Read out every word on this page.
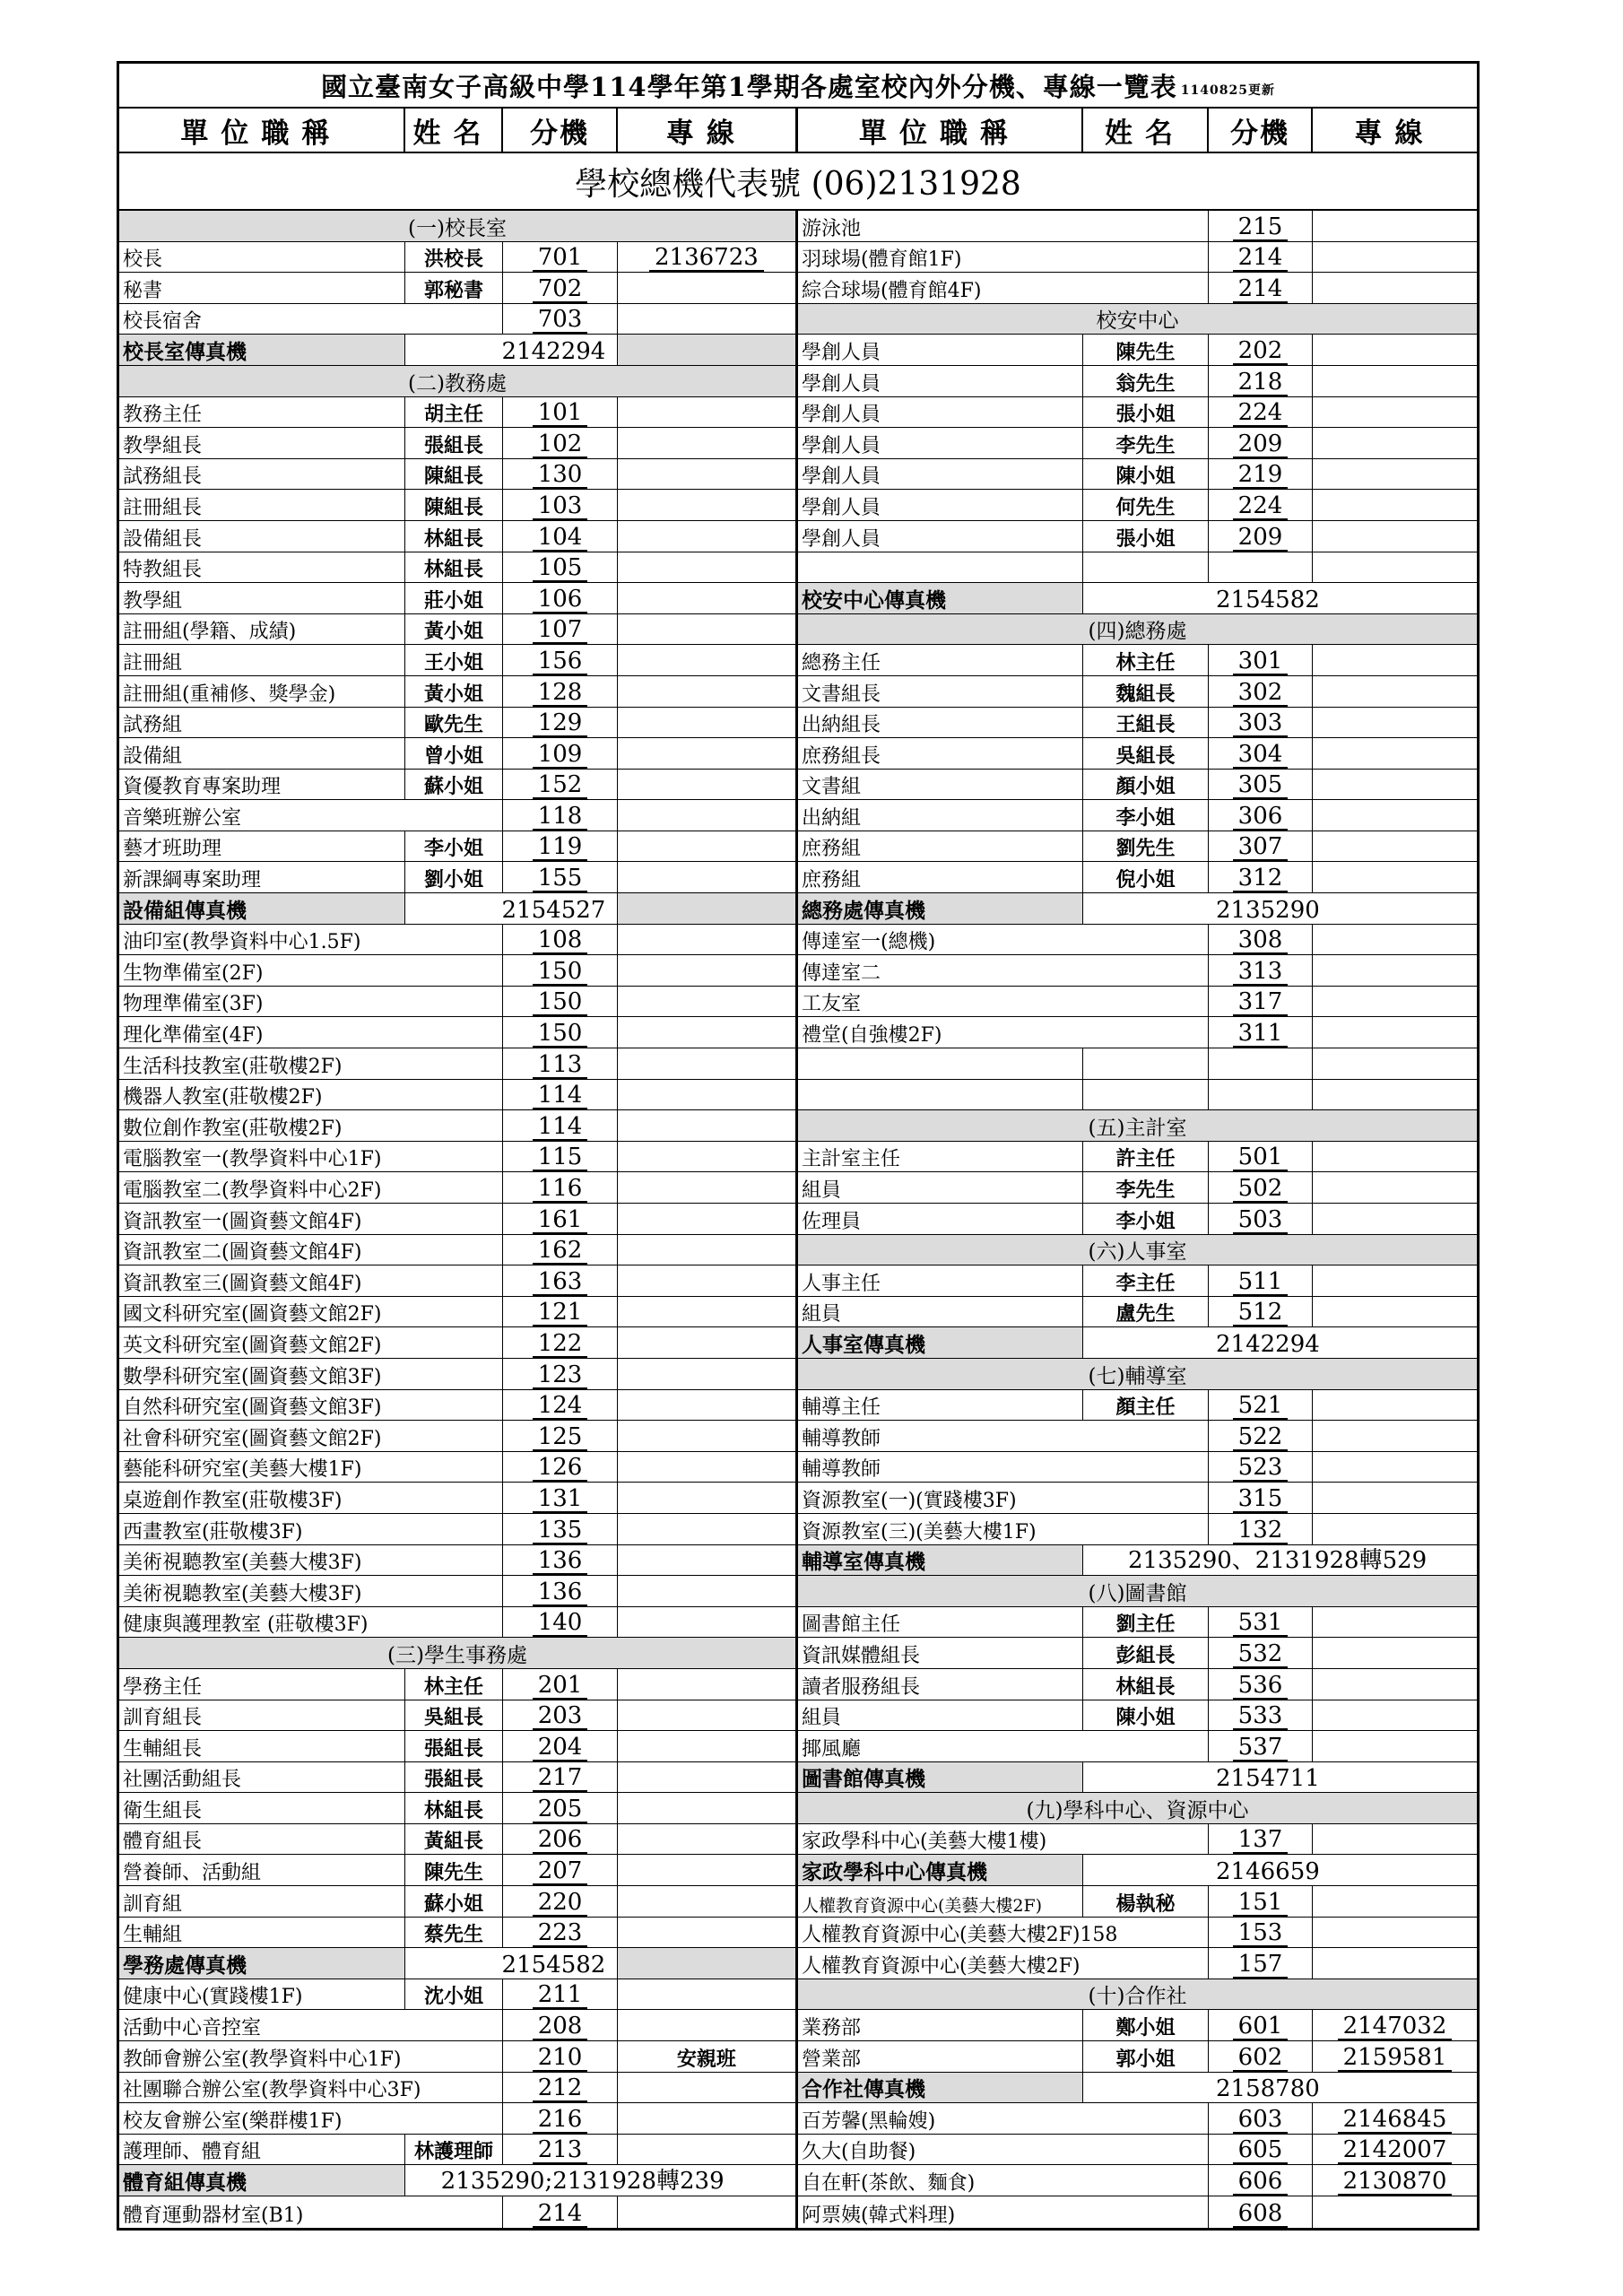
國立臺南女子高級中學114學年第1學期各處室校內外分機、專線一覽表 1140825更新
單位職稱	姓名	分機	專線	單位職稱	姓名	分機	專線
學校總機代表號 (06)2131928
(一)校長室
校長	洪校長	701	2136723
秘書	郭秘書	702
校長宿舍	703
校長室傳真機	2142294
(二)教務處
教務主任	胡主任	101
教學組長	張組長	102
試務組長	陳組長	130
註冊組長	陳組長	103
設備組長	林組長	104
特教組長	林組長	105
教學組	莊小姐	106
註冊組(學籍、成績)	黃小姐	107
註冊組	王小姐	156
註冊組(重補修、獎學金)	黃小姐	128
試務組	歐先生	129
設備組	曾小姐	109
資優教育專案助理	蘇小姐	152
音樂班辦公室	118
藝才班助理	李小姐	119
新課綱專案助理	劉小姐	155
設備組傳真機	2154527
油印室(教學資料中心1.5F)	108
生物準備室(2F)	150
物理準備室(3F)	150
理化準備室(4F)	150
生活科技教室(莊敬樓2F)	113
機器人教室(莊敬樓2F)	114
數位創作教室(莊敬樓2F)	114
電腦教室一(教學資料中心1F)	115
電腦教室二(教學資料中心2F)	116
資訊教室一(圖資藝文館4F)	161
資訊教室二(圖資藝文館4F)	162
資訊教室三(圖資藝文館4F)	163
國文科研究室(圖資藝文館2F)	121
英文科研究室(圖資藝文館2F)	122
數學科研究室(圖資藝文館3F)	123
自然科研究室(圖資藝文館3F)	124
社會科研究室(圖資藝文館2F)	125
藝能科研究室(美藝大樓1F)	126
桌遊創作教室(莊敬樓3F)	131
西畫教室(莊敬樓3F)	135
美術視聽教室(美藝大樓3F)	136
美術視聽教室(美藝大樓3F)	136
健康與護理教室 (莊敬樓3F)	140
(三)學生事務處
學務主任	林主任	201
訓育組長	吳組長	203
生輔組長	張組長	204
社團活動組長	張組長	217
衛生組長	林組長	205
體育組長	黃組長	206
營養師、活動組	陳先生	207
訓育組	蘇小姐	220
生輔組	蔡先生	223
學務處傳真機	2154582
健康中心(實踐樓1F)	沈小姐	211
活動中心音控室	208
教師會辦公室(教學資料中心1F)	210	安親班
社團聯合辦公室(教學資料中心3F)	212
校友會辦公室(樂群樓1F)	216
護理師、體育組	林護理師	213
體育組傳真機	2135290;2131928轉239
體育運動器材室(B1)	214
游泳池	215
羽球場(體育館1F)	214
綜合球場(體育館4F)	214
校安中心
學創人員	陳先生	202
學創人員	翁先生	218
學創人員	張小姐	224
學創人員	李先生	209
學創人員	陳小姐	219
學創人員	何先生	224
學創人員	張小姐	209
校安中心傳真機	2154582
(四)總務處
總務主任	林主任	301
文書組長	魏組長	302
出納組長	王組長	303
庶務組長	吳組長	304
文書組	顏小姐	305
出納組	李小姐	306
庶務組	劉先生	307
庶務組	倪小姐	312
總務處傳真機	2135290
傳達室一(總機)	308
傳達室二	313
工友室	317
禮堂(自強樓2F)	311
(五)主計室
主計室主任	許主任	501
組員	李先生	502
佐理員	李小姐	503
(六)人事室
人事主任	李主任	511
組員	盧先生	512
人事室傳真機	2142294
(七)輔導室
輔導主任	顏主任	521
輔導教師	522
輔導教師	523
資源教室(一)(實踐樓3F)	315
資源教室(三)(美藝大樓1F)	132
輔導室傳真機	2135290、2131928轉529
(八)圖書館
圖書館主任	劉主任	531
資訊媒體組長	彭組長	532
讀者服務組長	林組長	536
組員	陳小姐	533
揶風廳	537
圖書館傳真機	2154711
(九)學科中心、資源中心
家政學科中心(美藝大樓1樓)	137
家政學科中心傳真機	2146659
人權教育資源中心(美藝大樓2F)	楊執秘	151
人權教育資源中心(美藝大樓2F)158	153
人權教育資源中心(美藝大樓2F)	157
(十)合作社
業務部	鄭小姐	601	2147032
營業部	郭小姐	602	2159581
合作社傳真機	2158780
百芳馨(黑輪嫂)	603	2146845
久大(自助餐)	605	2142007
自在軒(茶飲、麵食)	606	2130870
阿票姨(韓式料理)	608
